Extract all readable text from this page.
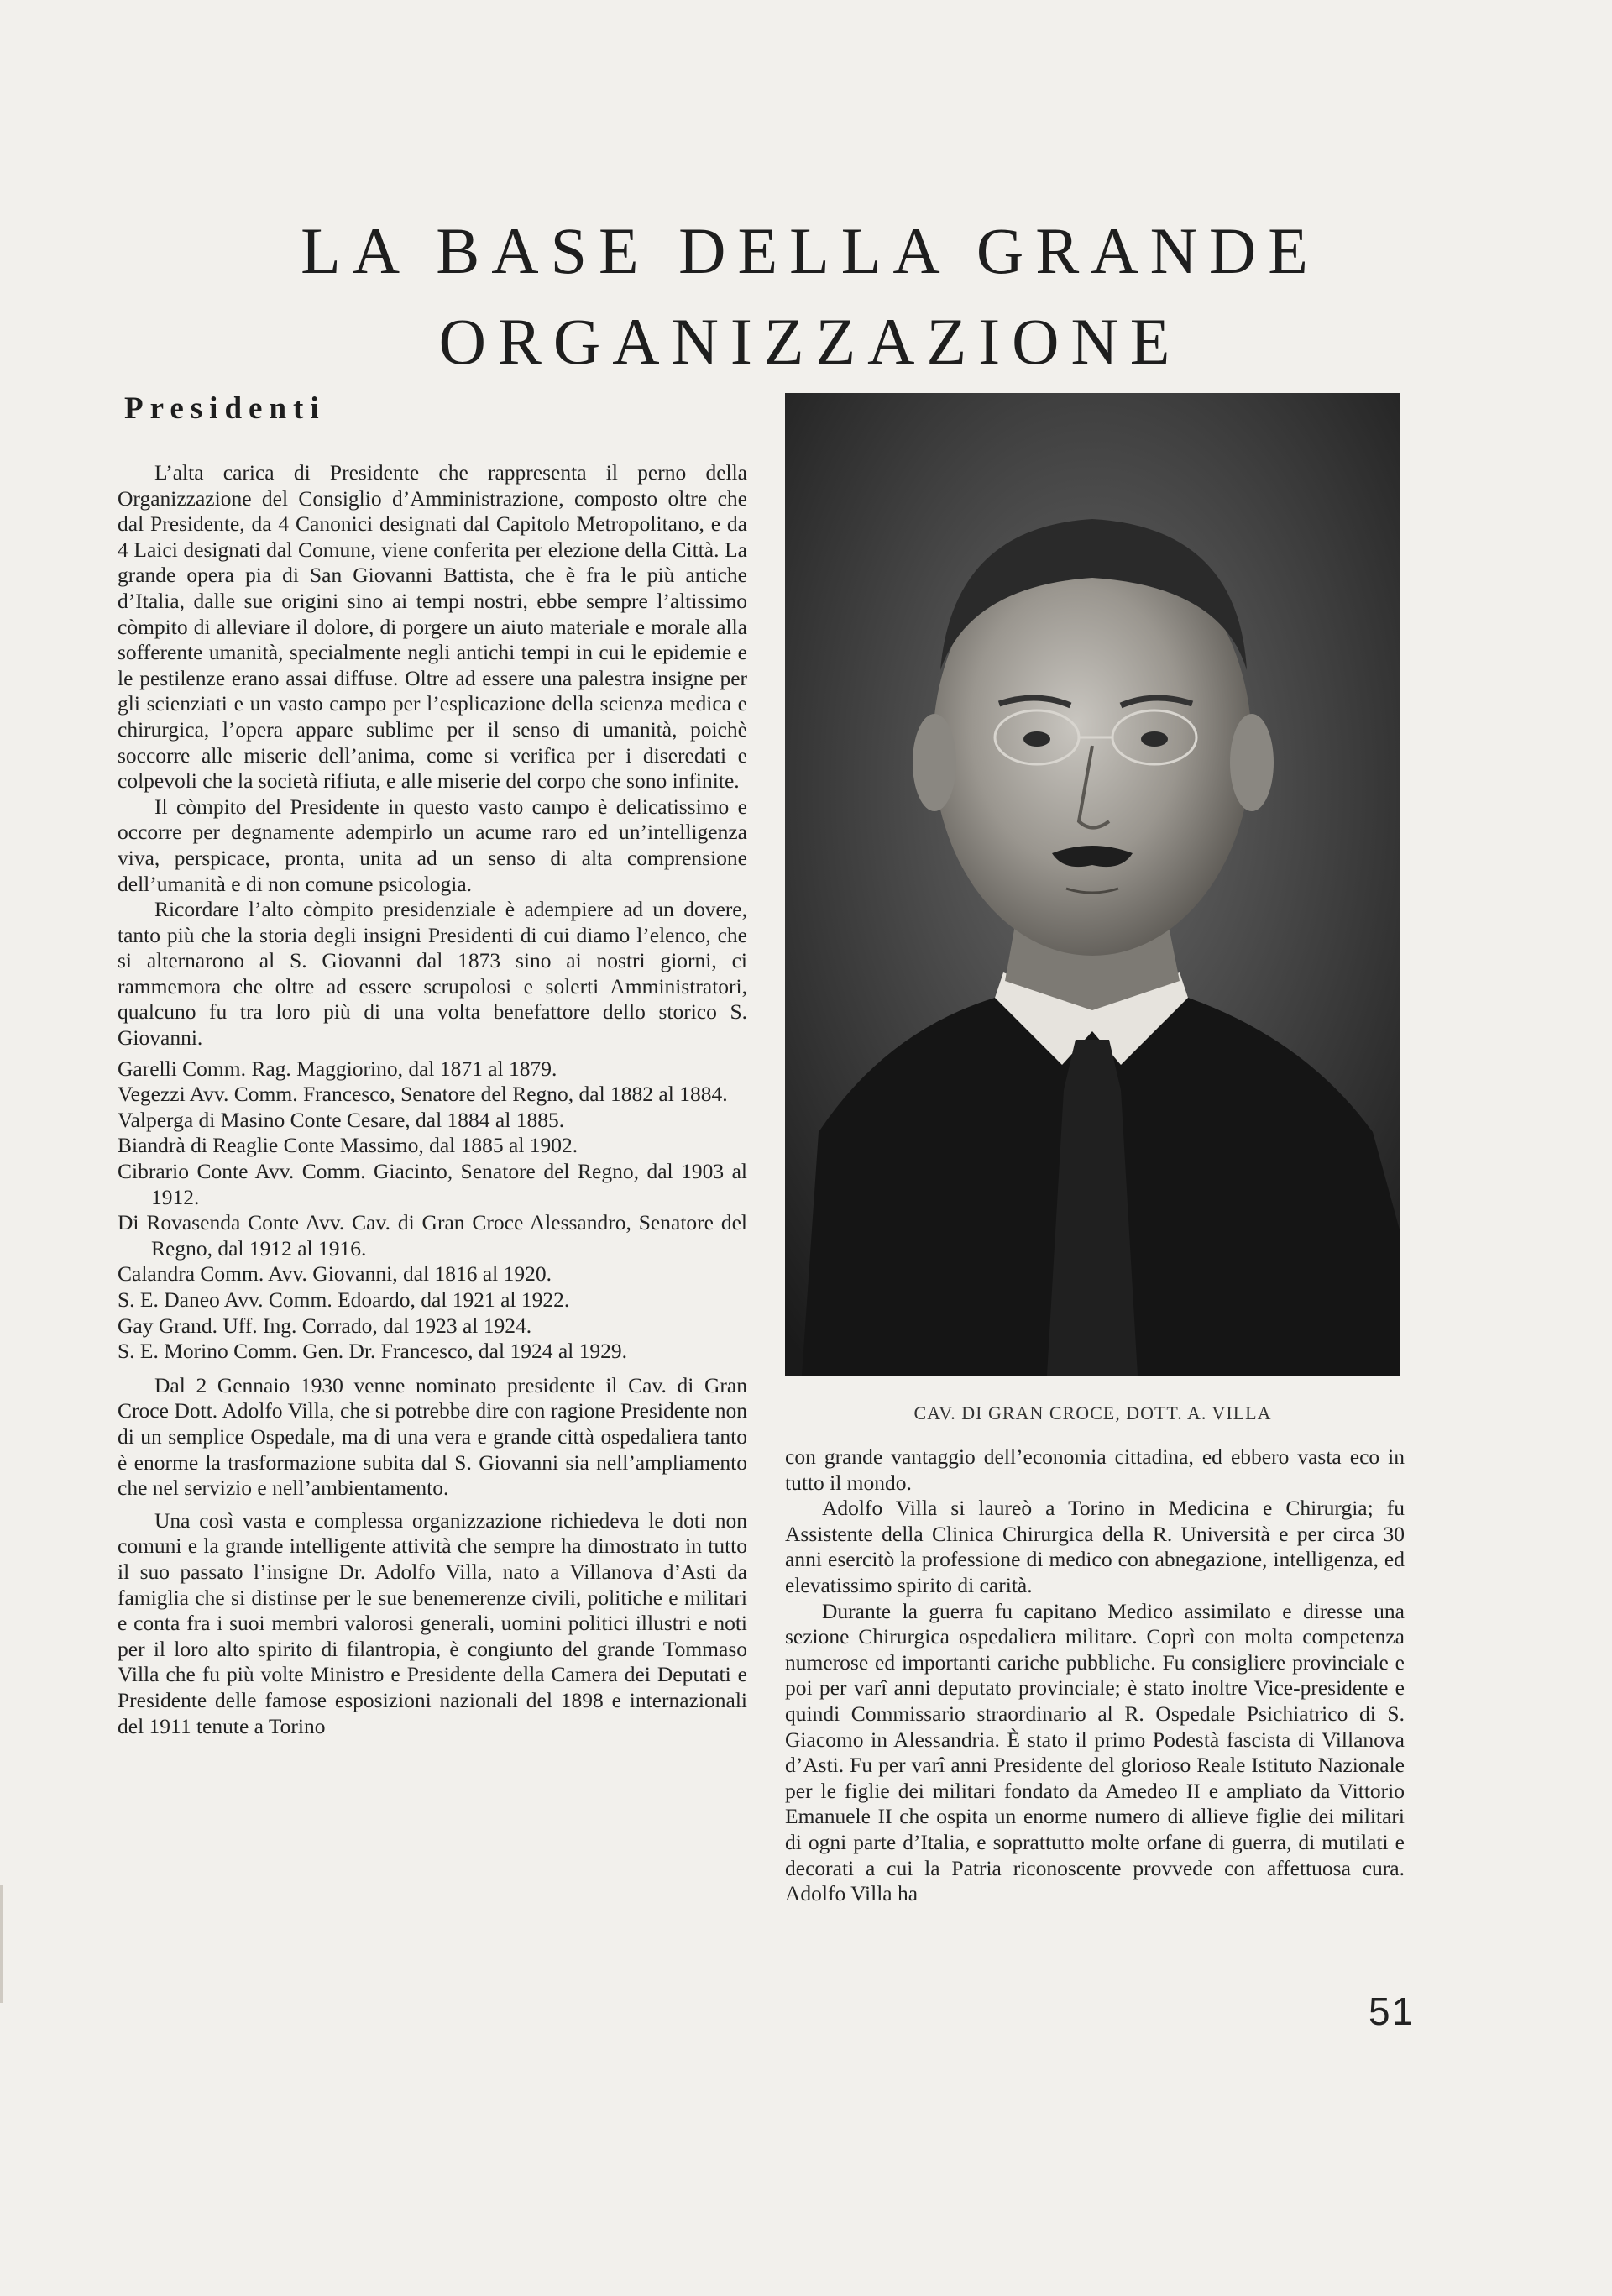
LA BASE DELLA GRANDE
ORGANIZZAZIONE
Presidenti

L’alta carica di Presidente che rappresenta il perno della Organizzazione del Consiglio d’Amministrazione, composto oltre che dal Presidente, da 4 Canonici designati dal Capitolo Metropolitano, e da 4 Laici designati dal Comune, viene conferita per elezione della Città. La grande opera pia di San Giovanni Battista, che è fra le più antiche d’Italia, dalle sue origini sino ai tempi nostri, ebbe sempre l’altissimo còmpito di alleviare il dolore, di porgere un aiuto materiale e morale alla sofferente umanità, specialmente negli antichi tempi in cui le epidemie e le pestilenze erano assai diffuse. Oltre ad essere una palestra insigne per gli scienziati e un vasto campo per l’esplicazione della scienza medica e chirurgica, l’opera appare sublime per il senso di umanità, poichè soccorre alle miserie dell’anima, come si verifica per i diseredati e colpevoli che la società rifiuta, e alle miserie del corpo che sono infinite.

Il còmpito del Presidente in questo vasto campo è delicatissimo e occorre per degnamente adempirlo un acume raro ed un’intelligenza viva, perspicace, pronta, unita ad un senso di alta comprensione dell’umanità e di non comune psicologia.

Ricordare l’alto còmpito presidenziale è adempiere ad un dovere, tanto più che la storia degli insigni Presidenti di cui diamo l’elenco, che si alternarono al S. Giovanni dal 1873 sino ai nostri giorni, ci rammemora che oltre ad essere scrupolosi e solerti Amministratori, qualcuno fu tra loro più di una volta benefattore dello storico S. Giovanni.

Garelli Comm. Rag. Maggiorino, dal 1871 al 1879.
Vegezzi Avv. Comm. Francesco, Senatore del Regno, dal 1882 al 1884.
Valperga di Masino Conte Cesare, dal 1884 al 1885.
Biandrà di Reaglie Conte Massimo, dal 1885 al 1902.
Cibrario Conte Avv. Comm. Giacinto, Senatore del Regno, dal 1903 al 1912.
Di Rovasenda Conte Avv. Cav. di Gran Croce Alessandro, Senatore del Regno, dal 1912 al 1916.
Calandra Comm. Avv. Giovanni, dal 1816 al 1920.
S. E. Daneo Avv. Comm. Edoardo, dal 1921 al 1922.
Gay Grand. Uff. Ing. Corrado, dal 1923 al 1924.
S. E. Morino Comm. Gen. Dr. Francesco, dal 1924 al 1929.

Dal 2 Gennaio 1930 venne nominato presidente il Cav. di Gran Croce Dott. Adolfo Villa, che si potrebbe dire con ragione Presidente non di un semplice Ospedale, ma di una vera e grande città ospedaliera tanto è enorme la trasformazione subita dal S. Giovanni sia nell’ampliamento che nel servizio e nell’ambientamento.

Una così vasta e complessa organizzazione richiedeva le doti non comuni e la grande intelligente attività che sempre ha dimostrato in tutto il suo passato l’insigne Dr. Adolfo Villa, nato a Villanova d’Asti da famiglia che si distinse per le sue benemerenze civili, politiche e militari e conta fra i suoi membri valorosi generali, uomini politici illustri e noti per il loro alto spirito di filantropia, è congiunto del grande Tommaso Villa che fu più volte Ministro e Presidente della Camera dei Deputati e Presidente delle famose esposizioni nazionali del 1898 e internazionali del 1911 tenute a Torino

CAV. DI GRAN CROCE, DOTT. A. VILLA

con grande vantaggio dell’economia cittadina, ed ebbero vasta eco in tutto il mondo.

Adolfo Villa si laureò a Torino in Medicina e Chirurgia; fu Assistente della Clinica Chirurgica della R. Università e per circa 30 anni esercitò la professione di medico con abnegazione, intelligenza, ed elevatissimo spirito di carità.

Durante la guerra fu capitano Medico assimilato e diresse una sezione Chirurgica ospedaliera militare. Coprì con molta competenza numerose ed importanti cariche pubbliche. Fu consigliere provinciale e poi per varî anni deputato provinciale; è stato inoltre Vice-presidente e quindi Commissario straordinario al R. Ospedale Psichiatrico di S. Giacomo in Alessandria. È stato il primo Podestà fascista di Villanova d’Asti. Fu per varî anni Presidente del glorioso Reale Istituto Nazionale per le figlie dei militari fondato da Amedeo II e ampliato da Vittorio Emanuele II che ospita un enorme numero di allieve figlie dei militari di ogni parte d’Italia, e soprattutto molte orfane di guerra, di mutilati e decorati a cui la Patria riconoscente provvede con affettuosa cura. Adolfo Villa ha

51
